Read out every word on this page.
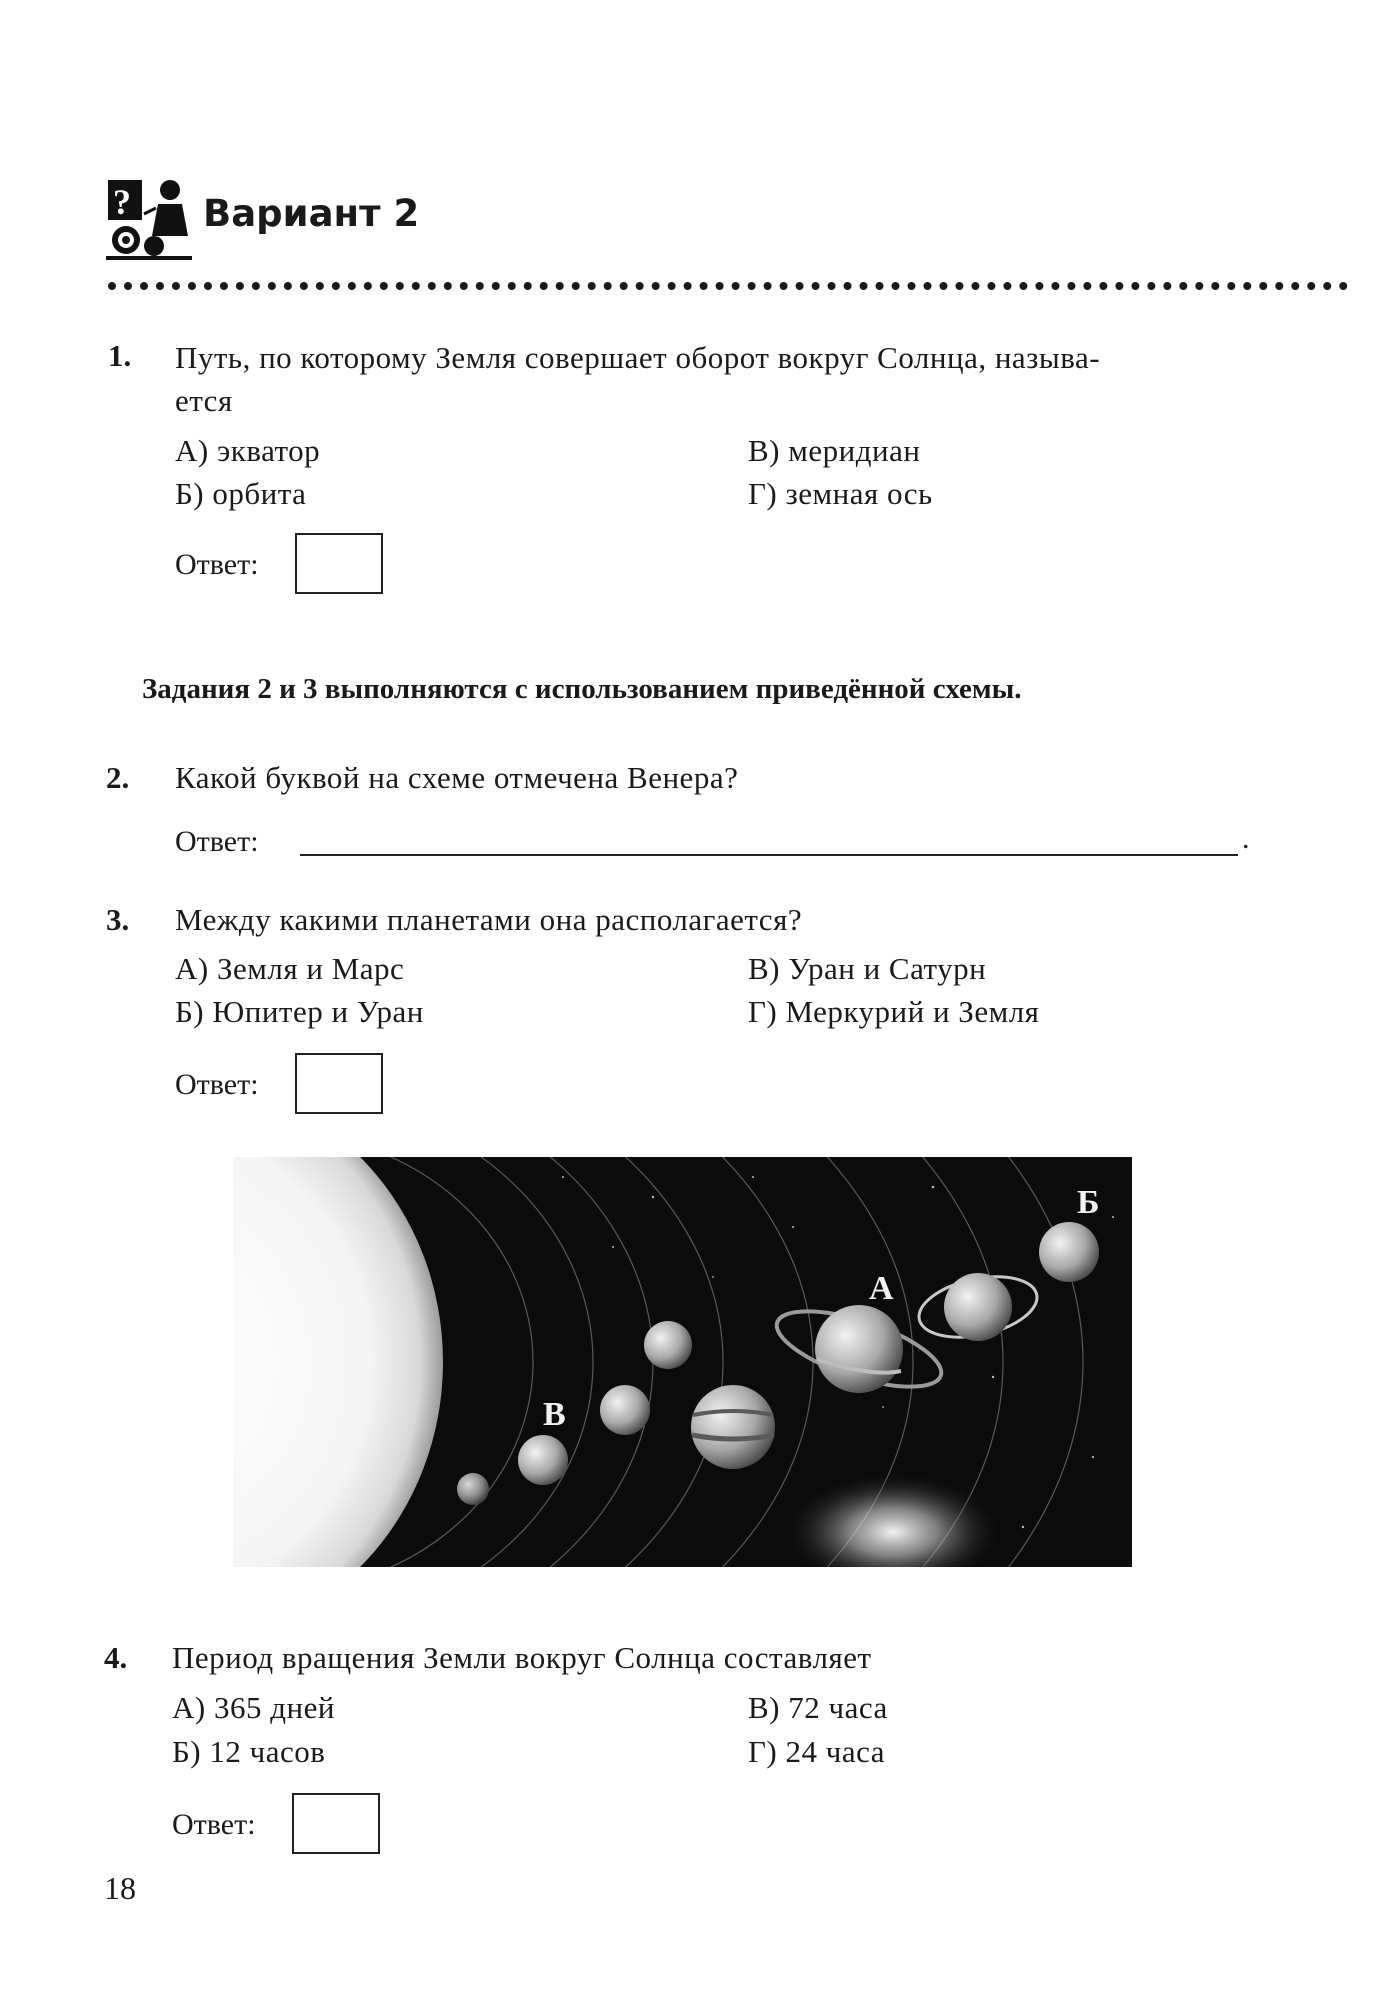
? Вариант 2
1. Путь, по которому Земля совершает оборот вокруг Солнца, называ-
ется
А) экватор
Б) орбита
В) меридиан
Г) земная ось
Ответ:
Задания 2 и 3 выполняются с использованием приведённой схемы.
2. Какой буквой на схеме отмечена Венера?
Ответ:	.
3. Между какими планетами она располагается?
А) Земля и Марс
Б) Юпитер и Уран
В) Уран и Сатурн
Г) Меркурий и Земля
Ответ:
В
А
Б
4. Период вращения Земли вокруг Солнца составляет
А) 365 дней
Б) 12 часов
В) 72 часа
Г) 24 часа
Ответ:
18
